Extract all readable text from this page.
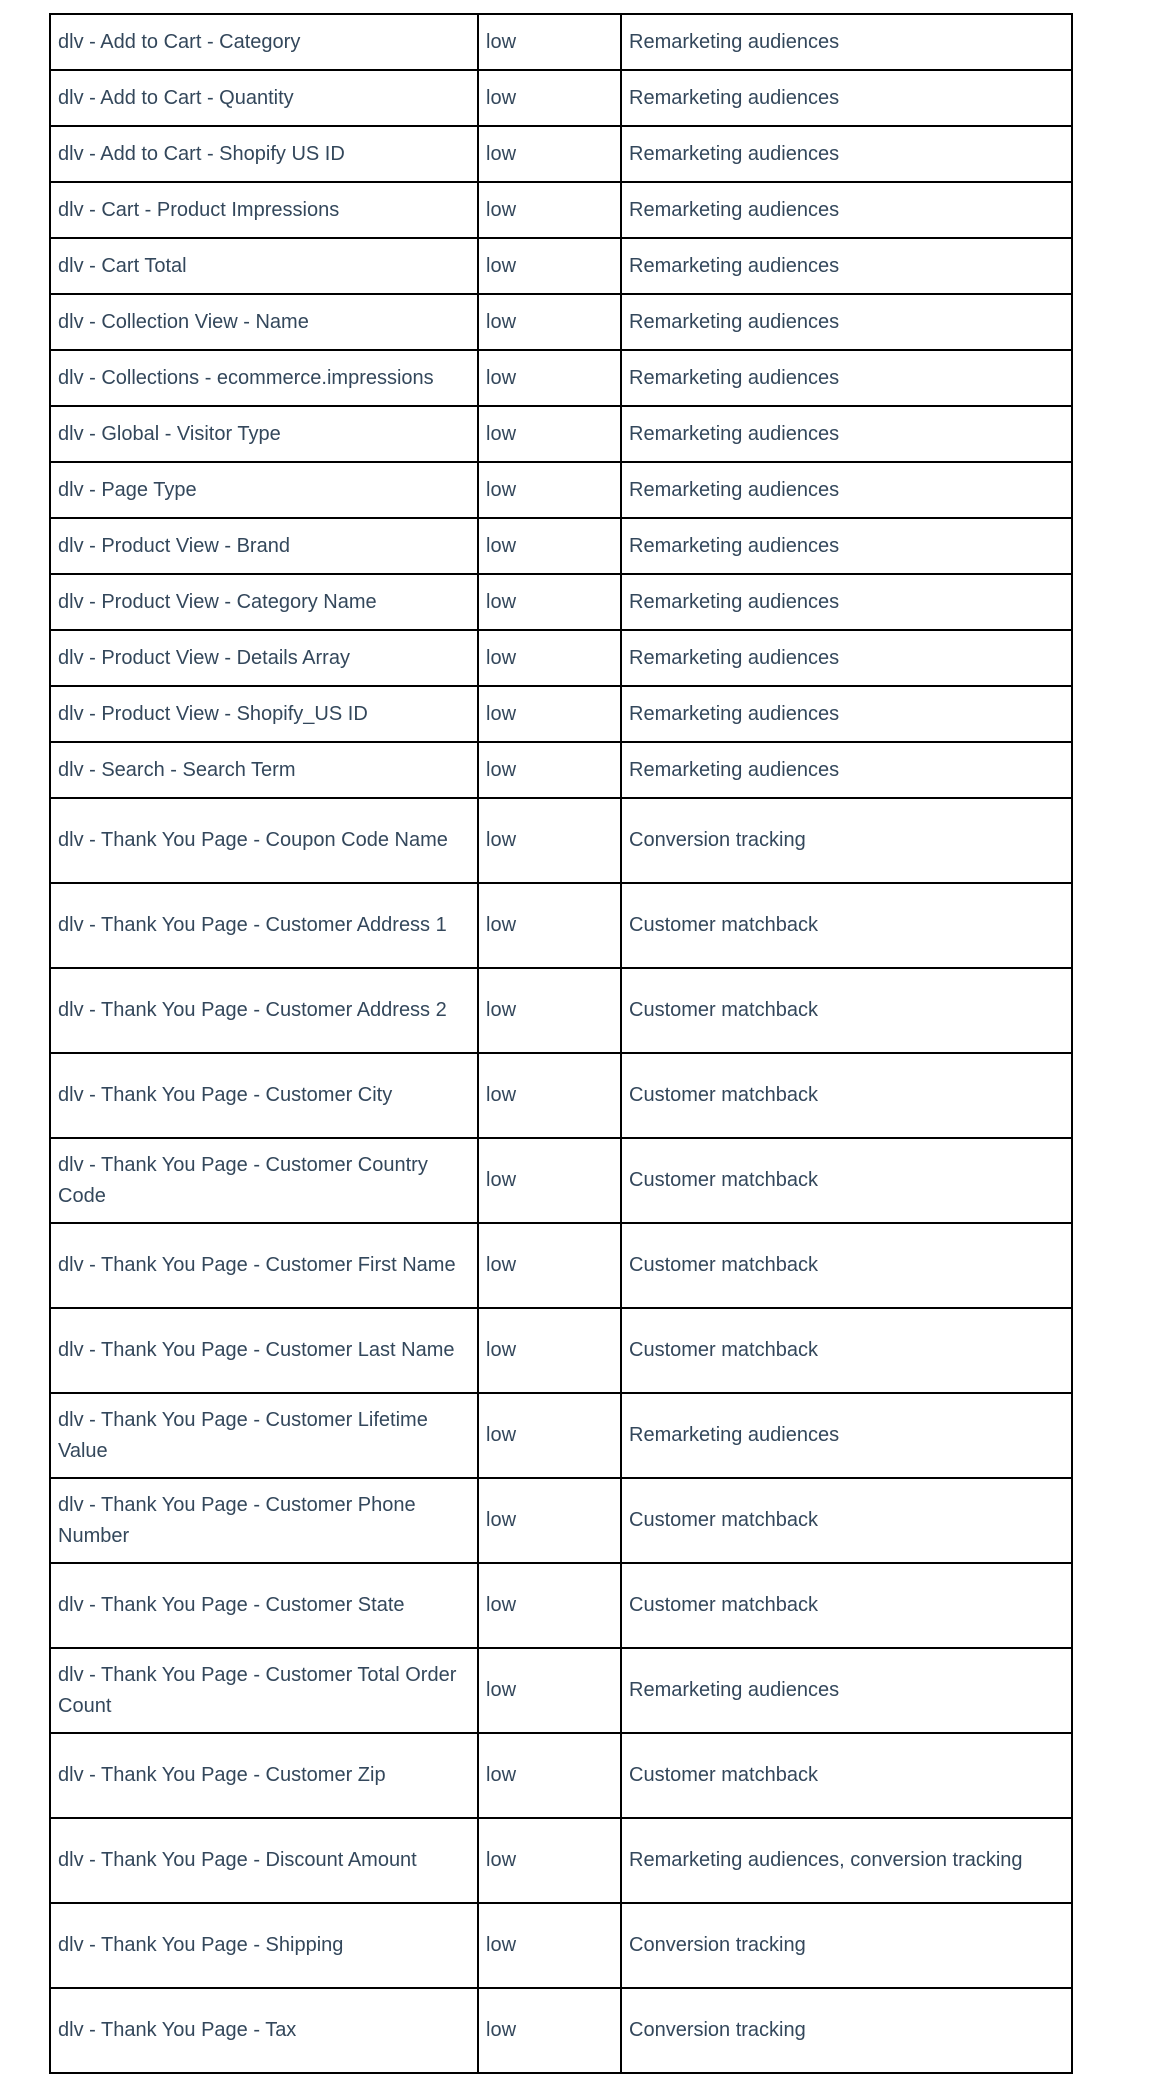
dlv - Add to Cart - Category	low	Remarketing audiences
dlv - Add to Cart - Quantity	low	Remarketing audiences
dlv - Add to Cart - Shopify US ID	low	Remarketing audiences
dlv - Cart - Product Impressions	low	Remarketing audiences
dlv - Cart Total	low	Remarketing audiences
dlv - Collection View - Name	low	Remarketing audiences
dlv - Collections - ecommerce.impressions	low	Remarketing audiences
dlv - Global - Visitor Type	low	Remarketing audiences
dlv - Page Type	low	Remarketing audiences
dlv - Product View - Brand	low	Remarketing audiences
dlv - Product View - Category Name	low	Remarketing audiences
dlv - Product View - Details Array	low	Remarketing audiences
dlv - Product View - Shopify_US ID	low	Remarketing audiences
dlv - Search - Search Term	low	Remarketing audiences
dlv - Thank You Page - Coupon Code Name	low	Conversion tracking
dlv - Thank You Page - Customer Address 1	low	Customer matchback
dlv - Thank You Page - Customer Address 2	low	Customer matchback
dlv - Thank You Page - Customer City	low	Customer matchback
dlv - Thank You Page - Customer Country Code	low	Customer matchback
dlv - Thank You Page - Customer First Name	low	Customer matchback
dlv - Thank You Page - Customer Last Name	low	Customer matchback
dlv - Thank You Page - Customer Lifetime Value	low	Remarketing audiences
dlv - Thank You Page - Customer Phone Number	low	Customer matchback
dlv - Thank You Page - Customer State	low	Customer matchback
dlv - Thank You Page - Customer Total Order Count	low	Remarketing audiences
dlv - Thank You Page - Customer Zip	low	Customer matchback
dlv - Thank You Page - Discount Amount	low	Remarketing audiences, conversion tracking
dlv - Thank You Page - Shipping	low	Conversion tracking
dlv - Thank You Page - Tax	low	Conversion tracking
